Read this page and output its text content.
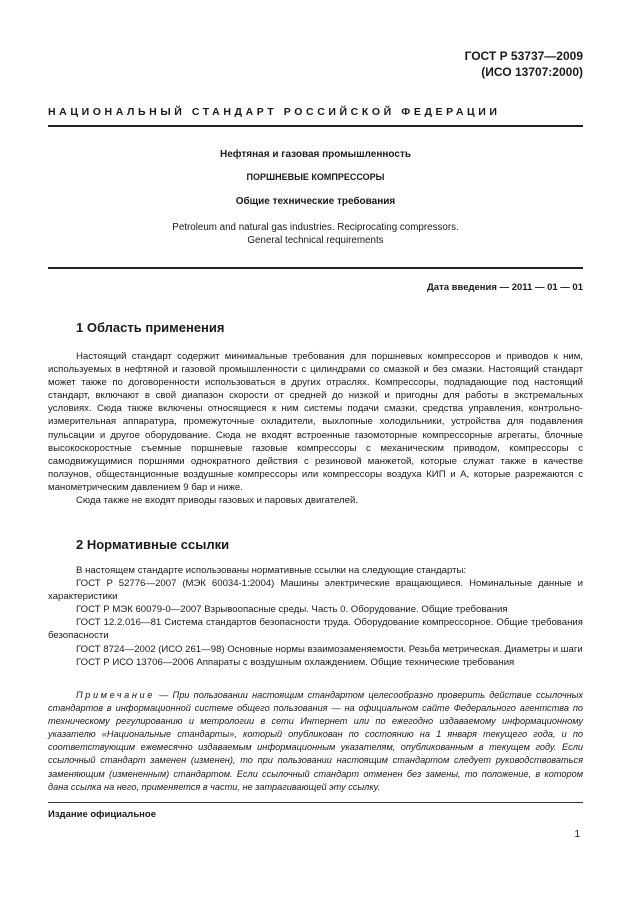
ГОСТ Р 53737—2009
(ИСО 13707:2000)
НАЦИОНАЛЬНЫЙ СТАНДАРТ РОССИЙСКОЙ ФЕДЕРАЦИИ
Нефтяная и газовая промышленность
ПОРШНЕВЫЕ КОМПРЕССОРЫ
Общие технические требования
Petroleum and natural gas industries. Reciprocating compressors.
General technical requirements
Дата введения — 2011 — 01 — 01
1 Область применения

Настоящий стандарт содержит минимальные требования для поршневых компрессоров и приводов к ним, используемых в нефтяной и газовой промышленности с цилиндрами со смазкой и без смазки. Настоящий стандарт может также по договоренности использоваться в других отраслях. Компрессоры, подпадающие под настоящий стандарт, включают в свой диапазон скорости от средней до низкой и пригодны для работы в экстремальных условиях. Сюда также включены относящиеся к ним системы подачи смазки, средства управления, контрольно-измерительная аппаратура, промежуточные охладители, выхлопные холодильники, устройства для подавления пульсации и другое оборудование. Сюда не входят встроенные газомоторные компрессорные агрегаты, блочные высокоскоростные съемные поршневые газовые компрессоры с механическим приводом, компрессоры с самодвижущимися поршнями однократного действия с резиновой манжетой, которые служат также в качестве ползунов, общестанционные воздушные компрессоры или компрессоры воздуха КИП и А, которые разрежаются с манометрическим давлением 9 бар и ниже.

Сюда также не входят приводы газовых и паровых двигателей.

2 Нормативные ссылки

В настоящем стандарте использованы нормативные ссылки на следующие стандарты:

ГОСТ Р 52776—2007 (МЭК 60034-1:2004) Машины электрические вращающиеся. Номинальные данные и характеристики

ГОСТ Р МЭК 60079-0—2007 Взрывоопасные среды. Часть 0. Оборудование. Общие требования

ГОСТ 12.2.016—81 Система стандартов безопасности труда. Оборудование компрессорное. Общие требования безопасности

ГОСТ 8724—2002 (ИСО 261—98) Основные нормы взаимозаменяемости. Резьба метрическая. Диаметры и шаги

ГОСТ Р ИСО 13706—2006 Аппараты с воздушным охлаждением. Общие технические требования

Примечание — При пользовании настоящим стандартом целесообразно проверить действие ссылочных стандартов в информационной системе общего пользования — на официальном сайте Федерального агентства по техническому регулированию и метрологии в сети Интернет или по ежегодно издаваемому информационному указателю «Национальные стандарты», который опубликован по состоянию на 1 января текущего года, и по соответствующим ежемесячно издаваемым информационным указателям, опубликованным в текущем году. Если ссылочный стандарт заменен (изменен), то при пользовании настоящим стандартом следует руководствоваться заменяющим (измененным) стандартом. Если ссылочный стандарт отменен без замены, то положение, в котором дана ссылка на него, применяется в части, не затрагивающей эту ссылку.

Издание официальное
1
